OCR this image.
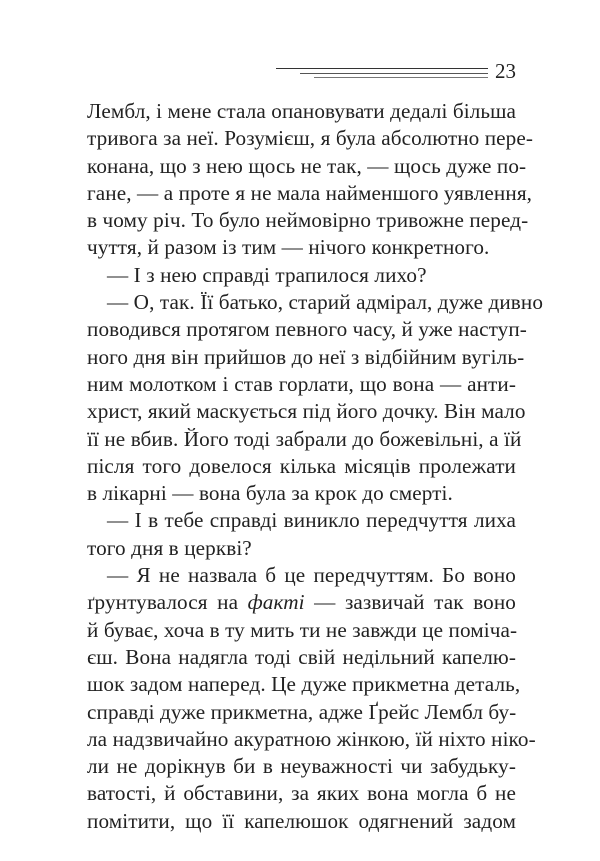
23
Лембл, і мене стала опановувати дедалі більша
тривога за неї. Розумієш, я була абсолютно пере-
конана, що з нею щось не так, — щось дуже по-
гане, — а проте я не мала найменшого уявлення,
в чому річ. То було неймовірно тривожне перед-
чуття, й разом із тим — нічого конкретного.
— І з нею справді трапилося лихо?
— О, так. Її батько, старий адмірал, дуже дивно
поводився протягом певного часу, й уже наступ-
ного дня він прийшов до неї з відбійним вугіль-
ним молотком і став горлати, що вона — анти-
христ, який маскується під його дочку. Він мало
її не вбив. Його тоді забрали до божевільні, а їй
після того довелося кілька місяців пролежати
в лікарні — вона була за крок до смерті.
— І в тебе справді виникло передчуття лиха
того дня в церкві?
— Я не назвала б це передчуттям. Бо воно
ґрунтувалося на факті — зазвичай так воно
й буває, хоча в ту мить ти не завжди це поміча-
єш. Вона надягла тоді свій недільний капелю-
шок задом наперед. Це дуже прикметна деталь,
справді дуже прикметна, адже Ґрейс Лембл бу-
ла надзвичайно акуратною жінкою, їй ніхто ніко-
ли не дорікнув би в неуважності чи забудьку-
ватості, й обставини, за яких вона могла б не
помітити, що її капелюшок одягнений задом
